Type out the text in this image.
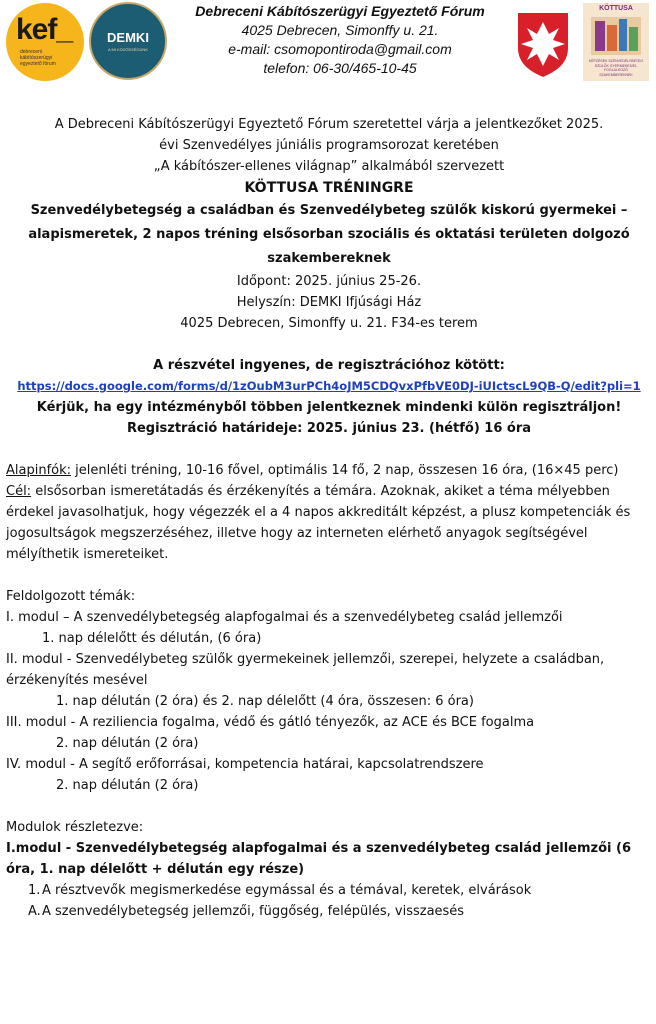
kef_
debreceni kábítószerügyi egyeztető fórum
DEMKI
A MI KÖZÖSSÉGÜNK
Debreceni Kábítószerügyi Egyeztető Fórum
4025 Debrecen, Simonffy u. 21.
e-mail: csomopontiroda@gmail.com
telefon: 06-30/465-10-45
KÖTTUSA
KÉPZÉSEK SZENVEDÉLYBETEG SZÜLŐK GYERMEKEIVEL FOGLALKOZÓ SZAKEMBEREKNEK

A Debreceni Kábítószerügyi Egyeztető Fórum szeretettel várja a jelentkezőket 2025.

évi Szenvedélyes júniális programsorozat keretében

„A kábítószer-ellenes világnap” alkalmából szervezett

KÖTTUSA TRÉNINGRE

Szenvedélybetegség a családban és Szenvedélybeteg szülők kiskorú gyermekei –

alapismeretek, 2 napos tréning elsősorban szociális és oktatási területen dolgozó

szakembereknek

Időpont: 2025. június 25-26.

Helyszín: DEMKI Ifjúsági Ház

4025 Debrecen, Simonffy u. 21. F34-es terem

A részvétel ingyenes, de regisztrációhoz kötött:

https://docs.google.com/forms/d/1zOubM3urPCh4oJM5CDQvxPfbVE0DJ-iUIctscL9QB-Q/edit?pli=1

Kérjük, ha egy intézményből többen jelentkeznek mindenki külön regisztráljon!

Regisztráció határideje: 2025. június 23. (hétfő) 16 óra

Alapinfók: jelenléti tréning, 10-16 fővel, optimális 14 fő, 2 nap, összesen 16 óra, (16×45 perc)

Cél: elsősorban ismeretátadás és érzékenyítés a témára. Azoknak, akiket a téma mélyebben érdekel javasolhatjuk, hogy végezzék el a 4 napos akkreditált képzést, a plusz kompetenciák és jogosultságok megszerzéséhez, illetve hogy az interneten elérhető anyagok segítségével mélyíthetik ismereteiket.

Feldolgozott témák:

I. modul – A szenvedélybetegség alapfogalmai és a szenvedélybeteg család jellemzői

1. nap délelőtt és délután, (6 óra)

II. modul - Szenvedélybeteg szülők gyermekeinek jellemzői, szerepei, helyzete a családban,

érzékenyítés mesével

1. nap délután (2 óra) és 2. nap délelőtt (4 óra, összesen: 6 óra)

III. modul - A reziliencia fogalma, védő és gátló tényezők, az ACE és BCE fogalma

2. nap délután (2 óra)

IV. modul - A segítő erőforrásai, kompetencia határai, kapcsolatrendszere

2. nap délután (2 óra)

Modulok részletezve:

I.modul - Szenvedélybetegség alapfogalmai és a szenvedélybeteg család jellemzői (6 óra, 1. nap délelőtt + délután egy része)

1. A résztvevők megismerkedése egymással és a témával, keretek, elvárások

A.A szenvedélybetegség jellemzői, függőség, felépülés, visszaesés
